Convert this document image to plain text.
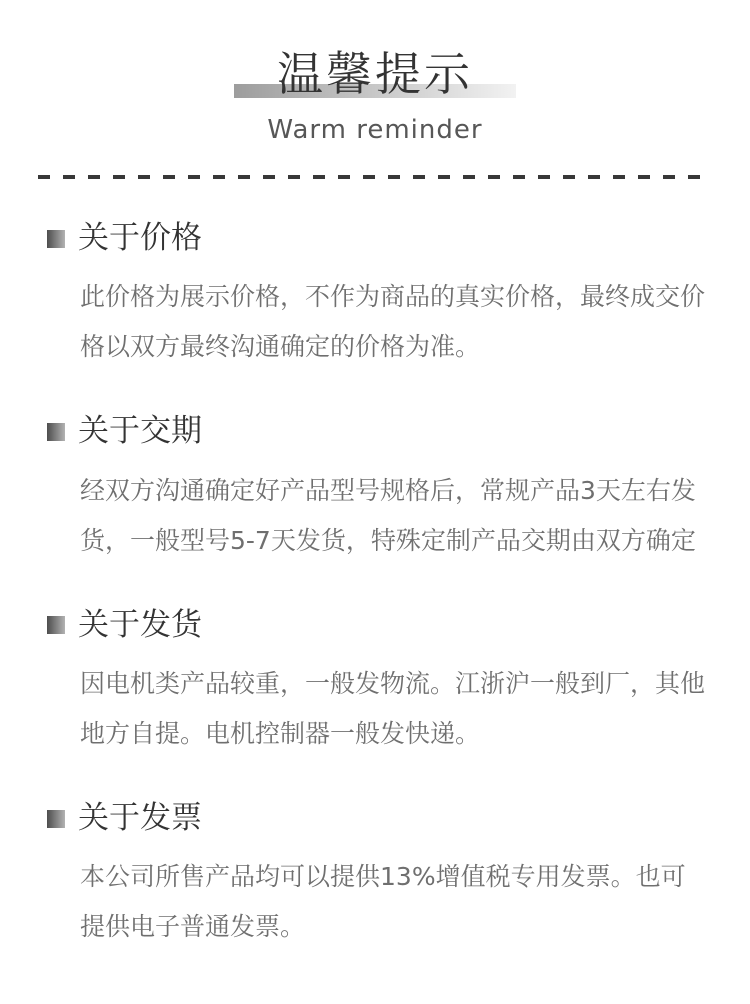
温馨提示
Warm reminder
关于价格

此价格为展示价格，不作为商品的真实价格，最终成交价格以双方最终沟通确定的价格为准。

关于交期

经双方沟通确定好产品型号规格后，常规产品3天左右发货，一般型号5-7天发货，特殊定制产品交期由双方确定

关于发货

因电机类产品较重，一般发物流。江浙沪一般到厂，其他地方自提。电机控制器一般发快递。

关于发票

本公司所售产品均可以提供13%增值税专用发票。也可提供电子普通发票。
